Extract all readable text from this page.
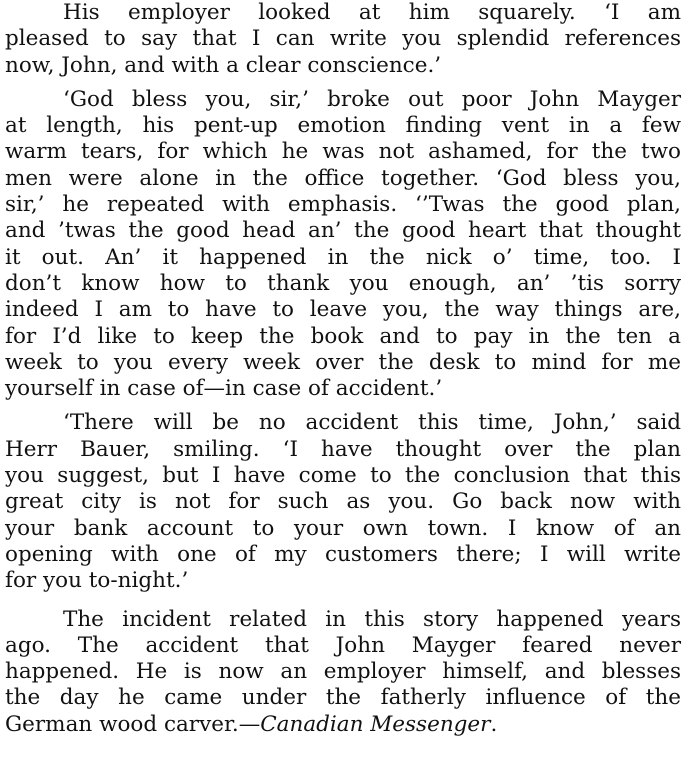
His employer looked at him squarely. ‘I am
pleased to say that I can write you splendid references
now, John, and with a clear conscience.’
‘God bless you, sir,’ broke out poor John Mayger
at length, his pent-up emotion finding vent in a few
warm tears, for which he was not ashamed, for the two
men were alone in the office together. ‘God bless you,
sir,’ he repeated with emphasis. ‘’Twas the good plan,
and ’twas the good head an’ the good heart that thought
it out. An’ it happened in the nick o’ time, too. I
don’t know how to thank you enough, an’ ’tis sorry
indeed I am to have to leave you, the way things are,
for I’d like to keep the book and to pay in the ten a
week to you every week over the desk to mind for me
yourself in case of—in case of accident.’
‘There will be no accident this time, John,’ said
Herr Bauer, smiling. ‘I have thought over the plan
you suggest, but I have come to the conclusion that this
great city is not for such as you. Go back now with
your bank account to your own town. I know of an
opening with one of my customers there; I will write
for you to-night.’
The incident related in this story happened years
ago. The accident that John Mayger feared never
happened. He is now an employer himself, and blesses
the day he came under the fatherly influence of the
German wood carver.—Canadian Messenger.
